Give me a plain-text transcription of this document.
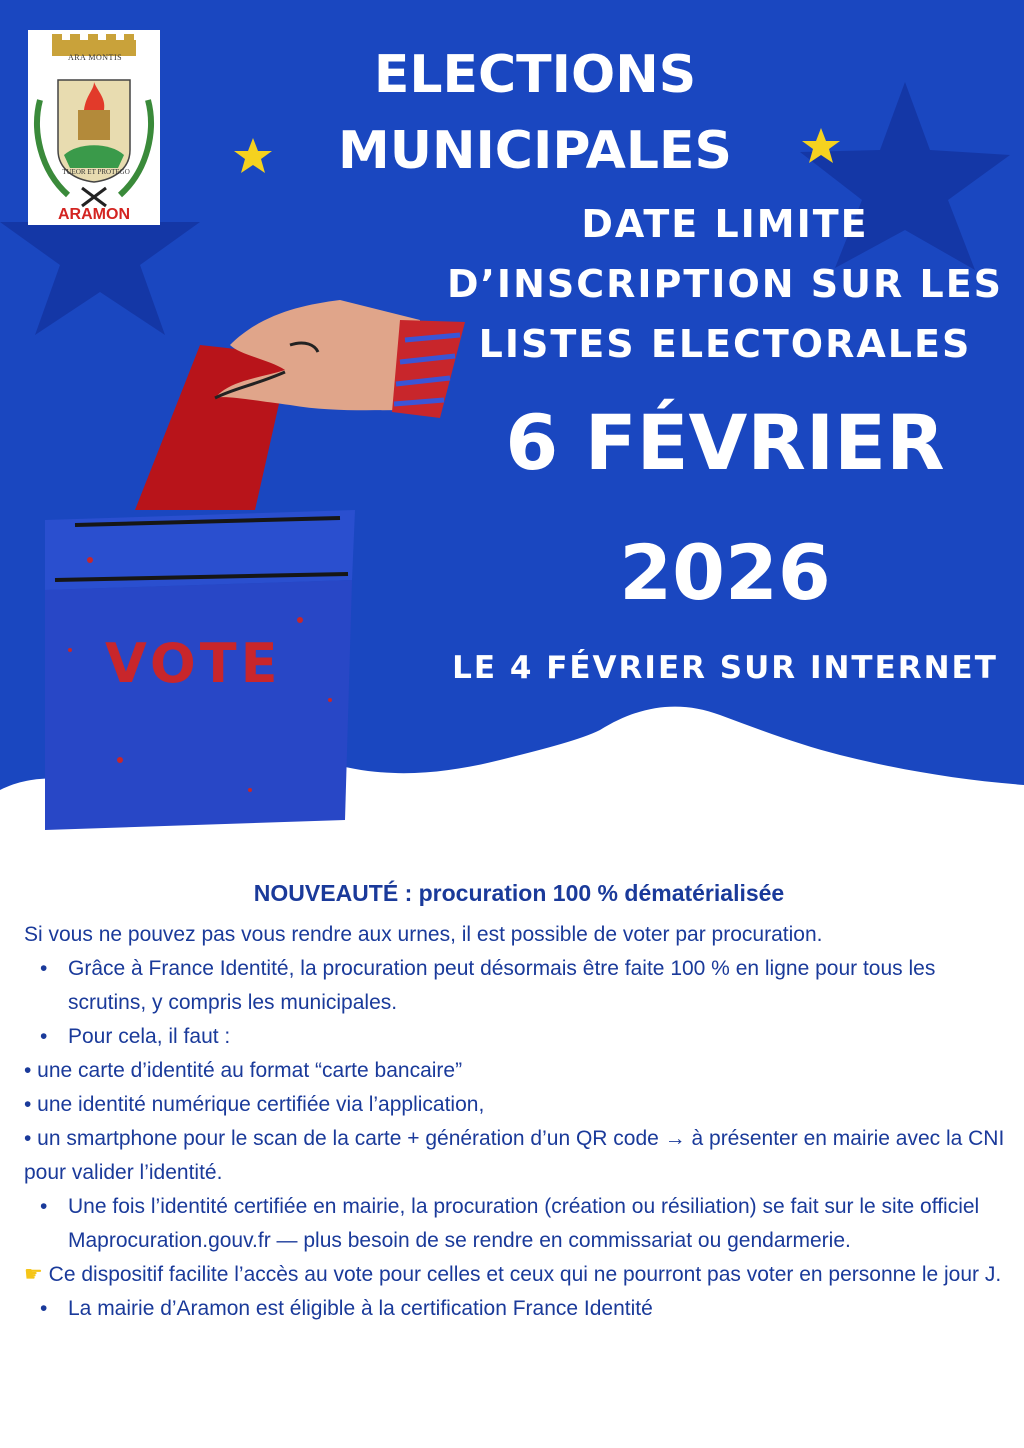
ARA MONTIS
TUEOR ET PROTEGO
ARAMON
ELECTIONS
MUNICIPALES
DATE LIMITE
D’INSCRIPTION SUR LES
LISTES ELECTORALES
6 FÉVRIER
2026
LE 4 FÉVRIER SUR INTERNET
VOTE
NOUVEAUTÉ : procuration 100 % dématérialisée
Si vous ne pouvez pas vous rendre aux urnes, il est possible de voter par procuration.
• Grâce à France Identité, la procuration peut désormais être faite 100 % en ligne pour tous les scrutins, y compris les municipales.
• Pour cela, il faut :
• une carte d’identité au format “carte bancaire”
• une identité numérique certifiée via l’application,
• un smartphone pour le scan de la carte + génération d’un QR code → à présenter en mairie avec la CNI pour valider l’identité.
• Une fois l’identité certifiée en mairie, la procuration (création ou résiliation) se fait sur le site officiel Maprocuration.gouv.fr — plus besoin de se rendre en commissariat ou gendarmerie.
☛ Ce dispositif facilite l’accès au vote pour celles et ceux qui ne pourront pas voter en personne le jour J.
• La mairie d’Aramon est éligible à la certification France Identité
